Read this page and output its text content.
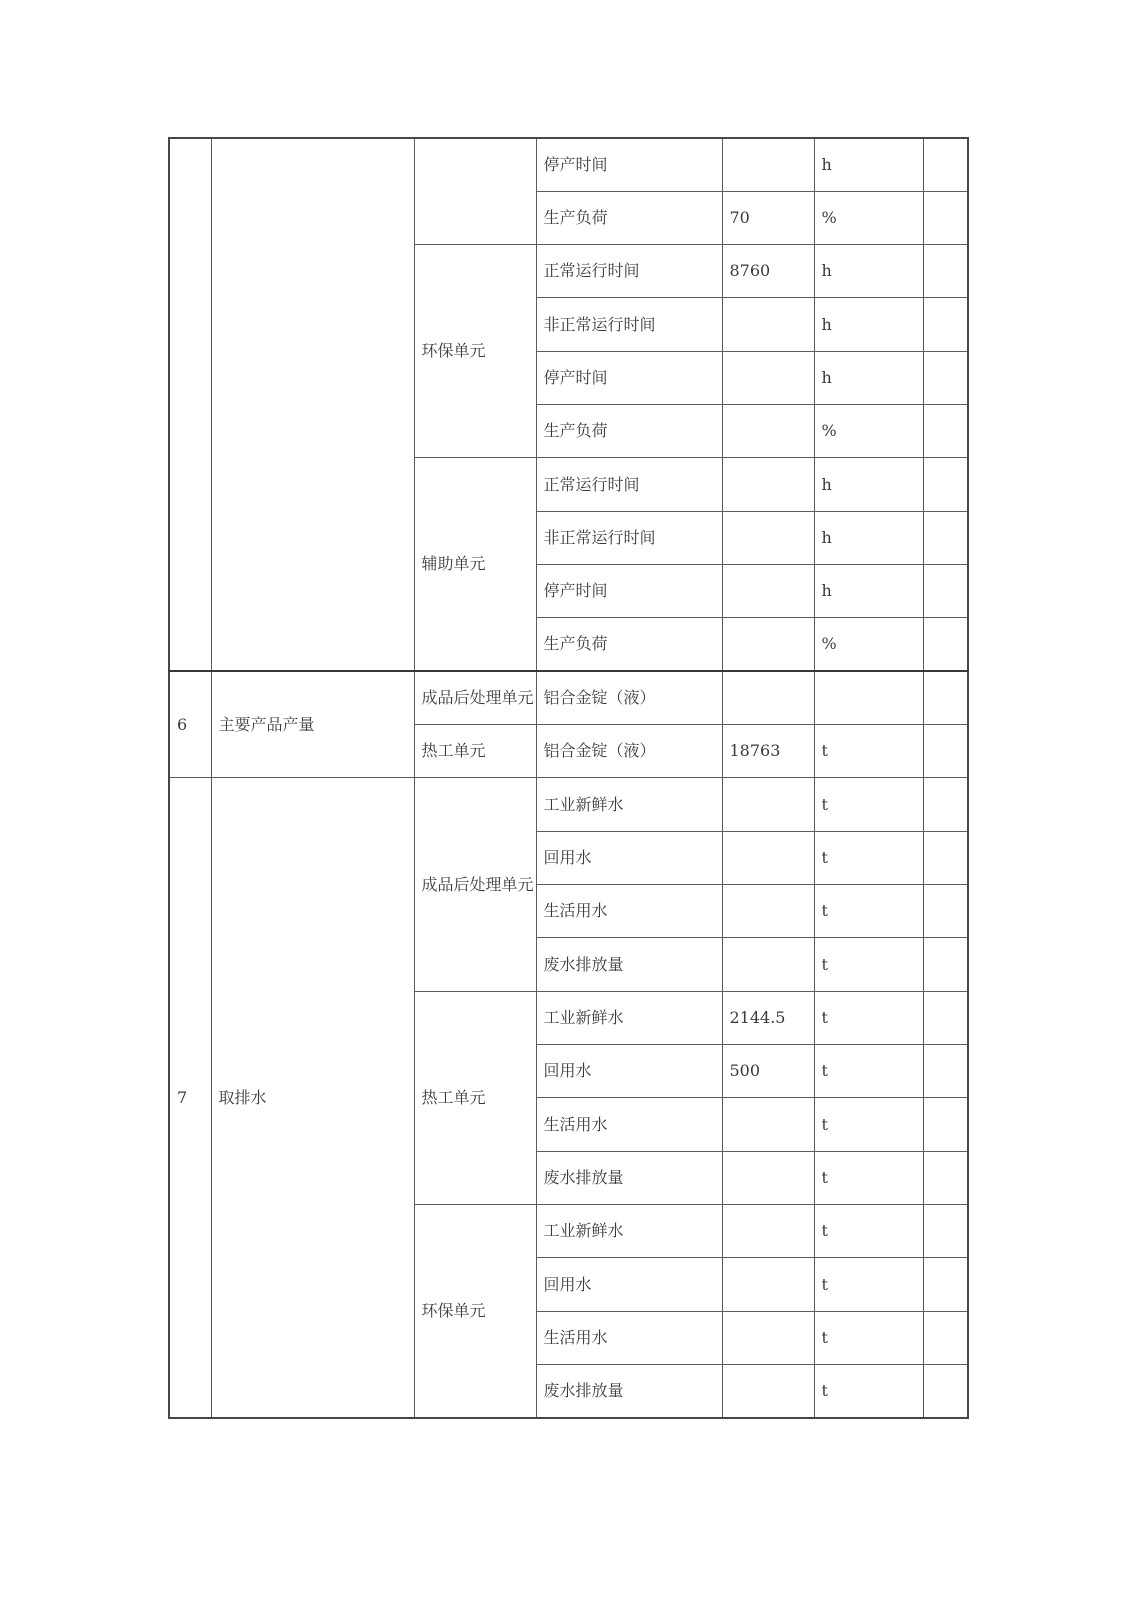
			停产时间		h	
			生产负荷	70	%	
		环保单元	正常运行时间	8760	h	
			非正常运行时间		h	
			停产时间		h	
			生产负荷		%	
		辅助单元	正常运行时间		h	
			非正常运行时间		h	
			停产时间		h	
			生产负荷		%	
6	主要产品产量	成品后处理单元	铝合金锭（液）			
		热工单元	铝合金锭（液）	18763	t	
7	取排水	成品后处理单元	工业新鲜水		t	
			回用水		t	
			生活用水		t	
			废水排放量		t	
		热工单元	工业新鲜水	2144.5	t	
			回用水	500	t	
			生活用水		t	
			废水排放量		t	
		环保单元	工业新鲜水		t	
			回用水		t	
			生活用水		t	
			废水排放量		t	
